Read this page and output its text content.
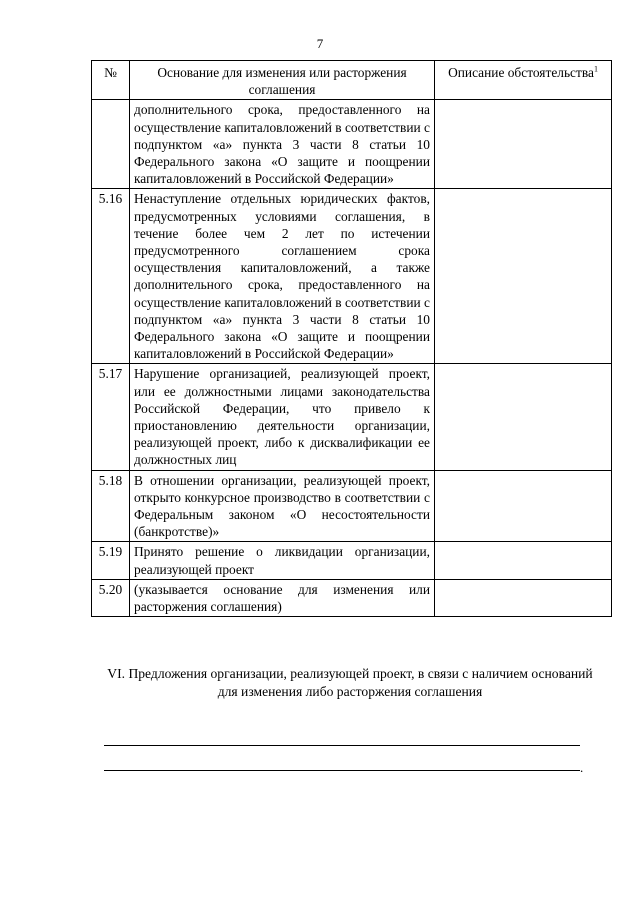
7
№	Основание для изменения или расторжения соглашения	Описание обстоятельства$^1$
	дополнительного срока, предоставленного на осуществление капиталовложений в соответствии с подпунктом «а» пункта 3 части 8 статьи 10 Федерального закона «О защите и поощрении капиталовложений в Российской Федерации»	
5.16	Ненаступление отдельных юридических фактов, предусмотренных условиями соглашения, в течение более чем 2 лет по истечении предусмотренного соглашением срока осуществления капиталовложений, а также дополнительного срока, предоставленного на осуществление капиталовложений в соответствии с подпунктом «а» пункта 3 части 8 статьи 10 Федерального закона «О защите и поощрении капиталовложений в Российской Федерации»	
5.17	Нарушение организацией, реализующей проект, или ее должностными лицами законодательства Российской Федерации, что привело к приостановлению деятельности организации, реализующей проект, либо к дисквалификации ее должностных лиц	
5.18	В отношении организации, реализующей проект, открыто конкурсное производство в соответствии с Федеральным законом «О несостоятельности (банкротстве)»	
5.19	Принято решение о ликвидации организации, реализующей проект	
5.20	(указывается основание для изменения или расторжения соглашения)	
VI. Предложения организации, реализующей проект, в связи с наличием оснований для изменения либо расторжения соглашения
.
